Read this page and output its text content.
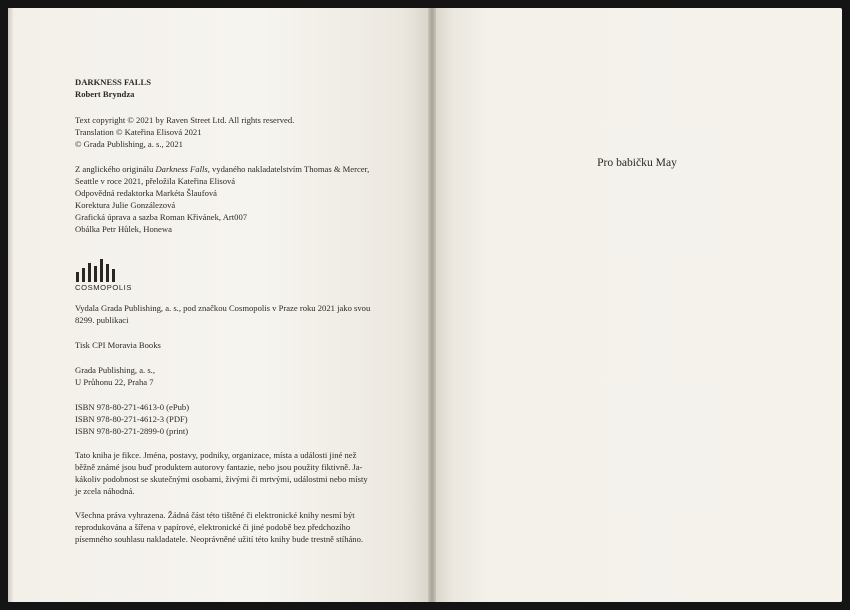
DARKNESS FALLS
Robert Bryndza
Text copyright © 2021 by Raven Street Ltd. All rights reserved.
Translation © Kateřina Elisová 2021
© Grada Publishing, a. s., 2021
Z anglického originálu Darkness Falls, vydaného nakladatelstvím Thomas & Mercer,
Seattle v roce 2021, přeložila Kateřina Elisová
Odpovědná redaktorka Markéta Šlaufová
Korektura Julie Gonzálezová
Grafická úprava a sazba Roman Křivánek, Art007
Obálka Petr Hůlek, Honewa
Vydala Grada Publishing, a. s., pod značkou Cosmopolis v Praze roku 2021 jako svou
8299. publikaci
Tisk CPI Moravia Books
Grada Publishing, a. s.,
U Průhonu 22, Praha 7
ISBN 978-80-271-4613-0 (ePub)
ISBN 978-80-271-4612-3 (PDF)
ISBN 978-80-271-2899-0 (print)
Tato kniha je fikce. Jména, postavy, podniky, organizace, místa a události jiné než
běžně známé jsou buď produktem autorovy fantazie, nebo jsou použity fiktivně. Ja-
kákoliv podobnost se skutečnými osobami, živými či mrtvými, událostmi nebo místy
je zcela náhodná.
Všechna práva vyhrazena. Žádná část této tištěné či elektronické knihy nesmí být
reprodukována a šířena v papírové, elektronické či jiné podobě bez předchozího
písemného souhlasu nakladatele. Neoprávněné užití této knihy bude trestně stíháno.
COSMOPOLIS
Pro babičku May
